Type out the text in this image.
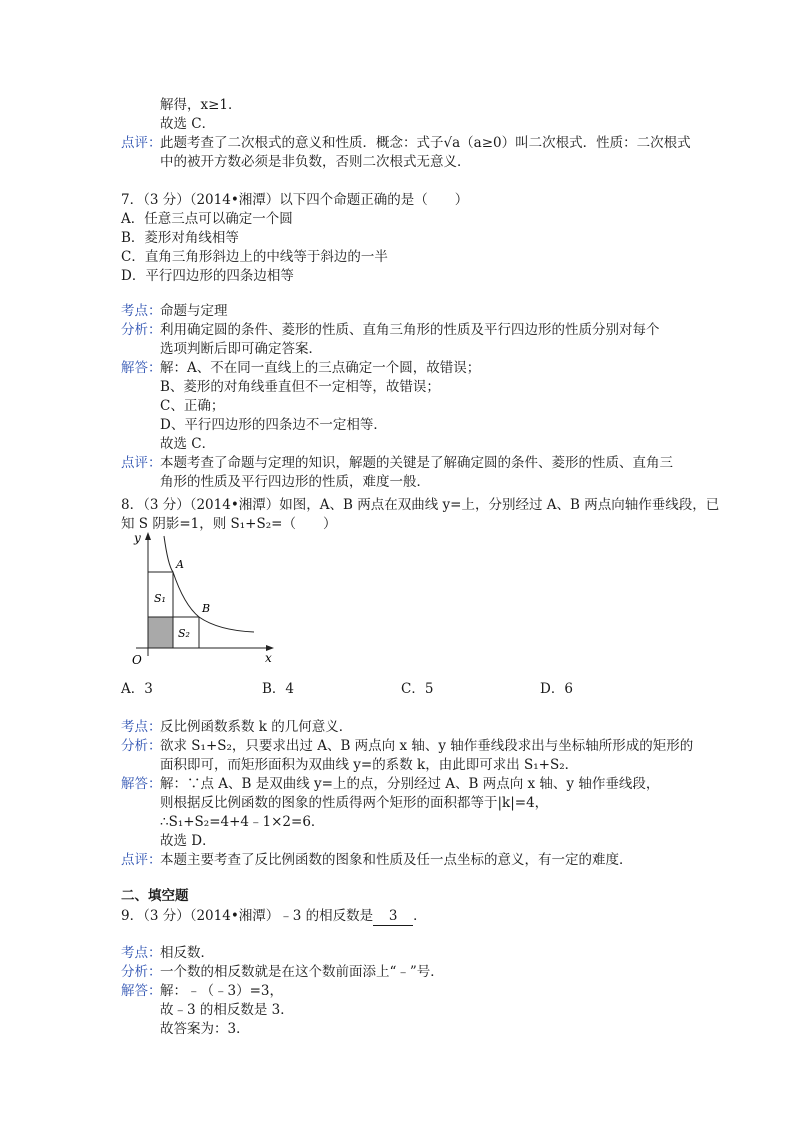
解得，x≥1．
故选 C．
点评：
此题考查了二次根式的意义和性质．概念：式子√a（a≥0）叫二次根式．性质：二次根式
中的被开方数必须是非负数，否则二次根式无意义．
7．（3 分）（2014•湘潭）以下四个命题正确的是（　　）
A．任意三点可以确定一个圆
B．菱形对角线相等
C．直角三角形斜边上的中线等于斜边的一半
D．平行四边形的四条边相等
考点：
命题与定理
分析：
利用确定圆的条件、菱形的性质、直角三角形的性质及平行四边形的性质分别对每个
选项判断后即可确定答案．
解答：
解：A、不在同一直线上的三点确定一个圆，故错误；
B、菱形的对角线垂直但不一定相等，故错误；
C、正确；
D、平行四边形的四条边不一定相等．
故选 C．
点评：
本题考查了命题与定理的知识，解题的关键是了解确定圆的条件、菱形的性质、直角三
角形的性质及平行四边形的性质，难度一般．
8．（3 分）（2014•湘潭）如图，A、B 两点在双曲线 y=上，分别经过 A、B 两点向轴作垂线段，已
知 S 阴影=1，则 S₁+S₂=（　　）
y
x
O
A
B
S₁
S₂
A．3	B．4	C．5	D．6
考点：
反比例函数系数 k 的几何意义．
分析：
欲求 S₁+S₂，只要求出过 A、B 两点向 x 轴、y 轴作垂线段求出与坐标轴所形成的矩形的
面积即可，而矩形面积为双曲线 y=的系数 k，由此即可求出 S₁+S₂．
解答：
解：∵点 A、B 是双曲线 y=上的点，分别经过 A、B 两点向 x 轴、y 轴作垂线段，
则根据反比例函数的图象的性质得两个矩形的面积都等于|k|=4，
∴S₁+S₂=4+4﹣1×2=6．
故选 D．
点评：
本题主要考查了反比例函数的图象和性质及任一点坐标的意义，有一定的难度．
二、填空题
9．（3 分）（2014•湘潭）﹣3 的相反数是 3 ．
考点：
相反数．
分析：
一个数的相反数就是在这个数前面添上“﹣”号．
解答：
解：﹣（﹣3）=3，
故﹣3 的相反数是 3．
故答案为：3．
